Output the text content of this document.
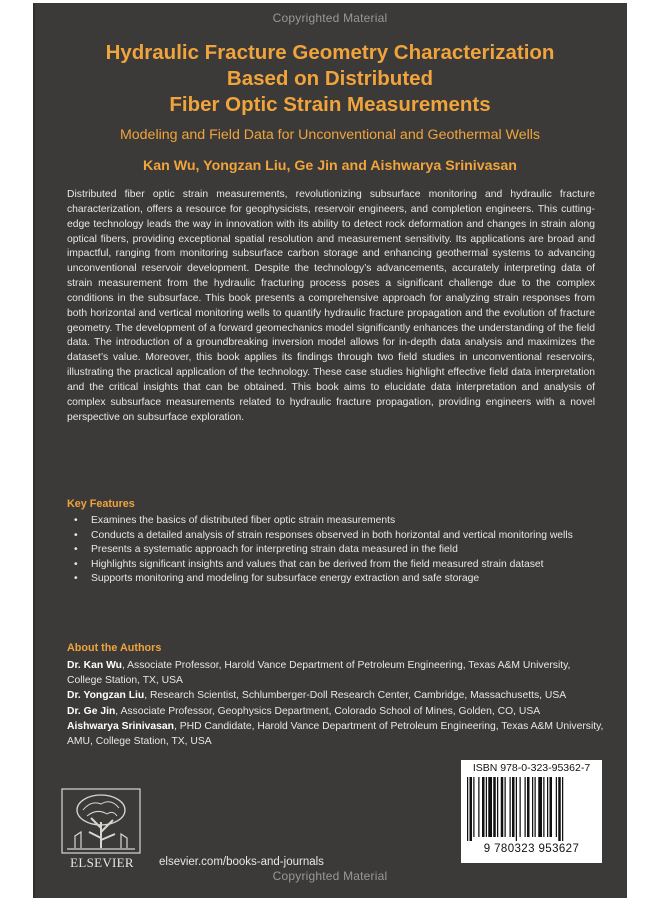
Copyrighted Material
Hydraulic Fracture Geometry Characterization
Based on Distributed
Fiber Optic Strain Measurements
Modeling and Field Data for Unconventional and Geothermal Wells
Kan Wu, Yongzan Liu, Ge Jin and Aishwarya Srinivasan

Distributed fiber optic strain measurements, revolutionizing subsurface monitoring and hydraulic fracture characterization, offers a resource for geophysicists, reservoir engineers, and completion engineers. This cutting-edge technology leads the way in innovation with its ability to detect rock deformation and changes in strain along optical fibers, providing exceptional spatial resolution and measurement sensitivity. Its applications are broad and impactful, ranging from monitoring subsurface carbon storage and enhancing geothermal systems to advancing unconventional reservoir development. Despite the technology’s advancements, accurately interpreting data of strain measurement from the hydraulic fracturing process poses a significant challenge due to the complex conditions in the subsurface. This book presents a comprehensive approach for analyzing strain responses from both horizontal and vertical monitoring wells to quantify hydraulic fracture propagation and the evolution of fracture geometry. The development of a forward geomechanics model significantly enhances the understanding of the field data. The introduction of a groundbreaking inversion model allows for in-depth data analysis and maximizes the dataset’s value. Moreover, this book applies its findings through two field studies in unconventional reservoirs, illustrating the practical application of the technology. These case studies highlight effective field data interpretation and the critical insights that can be obtained. This book aims to elucidate data interpretation and analysis of complex subsurface measurements related to hydraulic fracture propagation, providing engineers with a novel perspective on subsurface exploration.

Key Features
• Examines the basics of distributed fiber optic strain measurements
• Conducts a detailed analysis of strain responses observed in both horizontal and vertical monitoring wells
• Presents a systematic approach for interpreting strain data measured in the field
• Highlights significant insights and values that can be derived from the field measured strain dataset
• Supports monitoring and modeling for subsurface energy extraction and safe storage
About the Authors
Dr. Kan Wu, Associate Professor, Harold Vance Department of Petroleum Engineering, Texas A&M University, College Station, TX, USA
Dr. Yongzan Liu, Research Scientist, Schlumberger-Doll Research Center, Cambridge, Massachusetts, USA
Dr. Ge Jin, Associate Professor, Geophysics Department, Colorado School of Mines, Golden, CO, USA
Aishwarya Srinivasan, PHD Candidate, Harold Vance Department of Petroleum Engineering, Texas A&M University, AMU, College Station, TX, USA
ELSEVIER	elsevier.com/books-and-journals
ISBN 978-0-323-95362-7
9 780323 953627
Copyrighted Material
